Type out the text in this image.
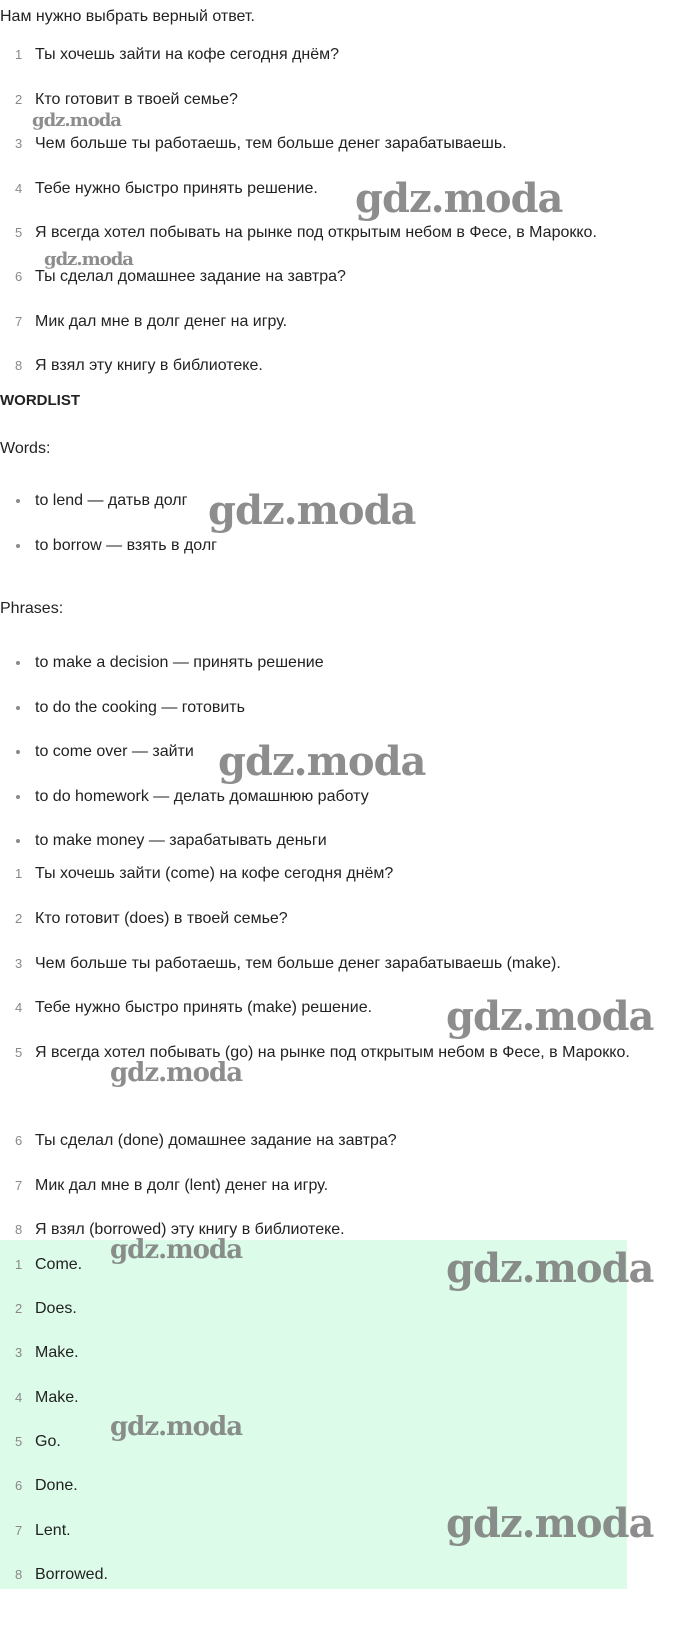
Нам нужно выбрать верный ответ.
1 Ты хочешь зайти на кофе сегодня днём?
2 Кто готовит в твоей семье?
3 Чем больше ты работаешь, тем больше денег зарабатываешь.
4 Тебе нужно быстро принять решение.
5 Я всегда хотел побывать на рынке под открытым небом в Фесе, в Марокко.
6 Ты сделал домашнее задание на завтра?
7 Мик дал мне в долг денег на игру.
8 Я взял эту книгу в библиотеке.
WORDLIST
Words:
to lend — датьв долг
to borrow — взять в долг
Phrases:
to make a decision — принять решение
to do the cooking — готовить
to come over — зайти
to do homework — делать домашнюю работу
to make money — зарабатывать деньги
1 Ты хочешь зайти (come) на кофе сегодня днём?
2 Кто готовит (does) в твоей семье?
3 Чем больше ты работаешь, тем больше денег зарабатываешь (make).
4 Тебе нужно быстро принять (make) решение.
5 Я всегда хотел побывать (go) на рынке под открытым небом в Фесе, в Марокко.
6 Ты сделал (done) домашнее задание на завтра?
7 Мик дал мне в долг (lent) денег на игру.
8 Я взял (borrowed) эту книгу в библиотеке.
1 Come.
2 Does.
3 Make.
4 Make.
5 Go.
6 Done.
7 Lent.
8 Borrowed.
gdz.moda
gdz.moda
gdz.moda
gdz.moda
gdz.moda
gdz.moda
gdz.moda
gdz.moda	gdz.moda
gdz.moda
gdz.moda
